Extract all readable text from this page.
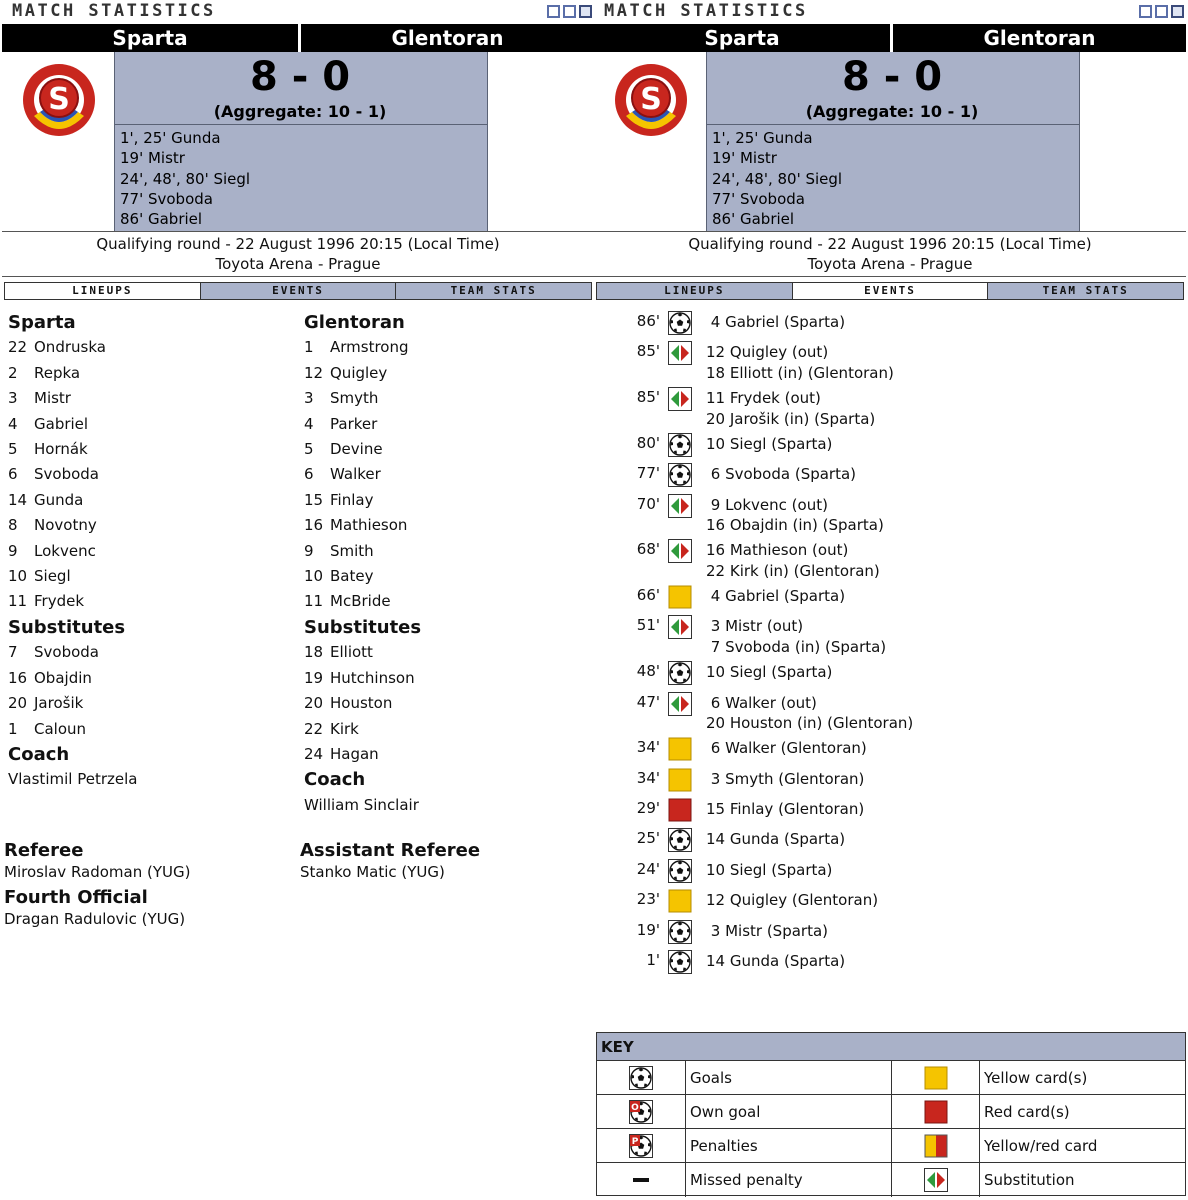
MATCH STATISTICS
Sparta	Glentoran
S	8 - 0
(Aggregate: 10 - 1)
1', 25' Gunda
19' Mistr
24', 48', 80' Siegl
77' Svoboda
86' Gabriel
Qualifying round - 22 August 1996 20:15 (Local Time)
Toyota Arena - Prague
LINEUPS	EVENTS	TEAM STATS
Sparta
22 Ondruska
2 Repka
3 Mistr
4 Gabriel
5 Hornák
6 Svoboda
14 Gunda
8 Novotny
9 Lokvenc
10 Siegl
11 Frydek
Substitutes
7 Svoboda
16 Obajdin
20 Jarošik
1 Caloun
Coach
Vlastimil Petrzela
Glentoran
1 Armstrong
12 Quigley
3 Smyth
4 Parker
5 Devine
6 Walker
15 Finlay
16 Mathieson
9 Smith
10 Batey
11 McBride
Substitutes
18 Elliott
19 Hutchinson
20 Houston
22 Kirk
24 Hagan
Coach
William Sinclair
Referee
Miroslav Radoman (YUG)
Assistant Referee
Stanko Matic (YUG)
Fourth Official
Dragan Radulovic (YUG)
MATCH STATISTICS
Sparta	Glentoran
S	8 - 0
(Aggregate: 10 - 1)
1', 25' Gunda
19' Mistr
24', 48', 80' Siegl
77' Svoboda
86' Gabriel
Qualifying round - 22 August 1996 20:15 (Local Time)
Toyota Arena - Prague
LINEUPS	EVENTS	TEAM STATS
86'	4 Gabriel (Sparta)
85'	12 Quigley (out)
18 Elliott (in) (Glentoran)
85'	11 Frydek (out)
20 Jarošik (in) (Sparta)
80'	10 Siegl (Sparta)
77'	6 Svoboda (Sparta)
70'	9 Lokvenc (out)
16 Obajdin (in) (Sparta)
68'	16 Mathieson (out)
22 Kirk (in) (Glentoran)
66'	4 Gabriel (Sparta)
51'	3 Mistr (out)
7 Svoboda (in) (Sparta)
48'	10 Siegl (Sparta)
47'	6 Walker (out)
20 Houston (in) (Glentoran)
34'	6 Walker (Glentoran)
34'	3 Smyth (Glentoran)
29'	15 Finlay (Glentoran)
25'	14 Gunda (Sparta)
24'	10 Siegl (Sparta)
23'	12 Quigley (Glentoran)
19'	3 Mistr (Sparta)
1'	14 Gunda (Sparta)
KEY
Goals	Yellow card(s)
O	Own goal	Red card(s)
P	Penalties	Yellow/red card
Missed penalty	Substitution
